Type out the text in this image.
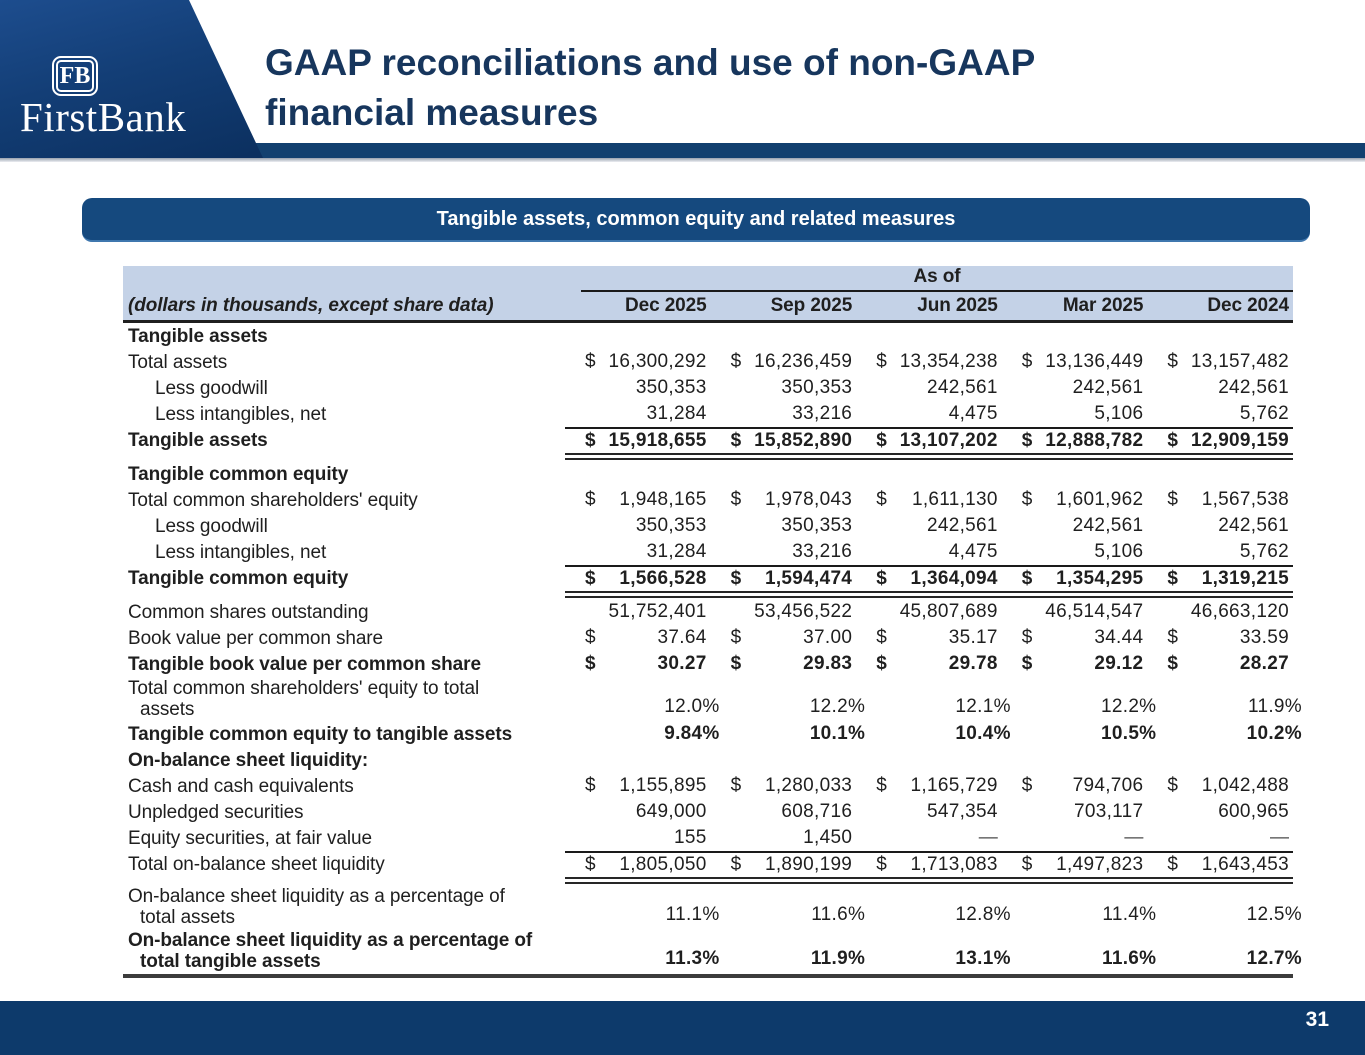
FB
FirstBank
GAAP reconciliations and use of non-GAAP
financial measures
Tangible assets, common equity and related measures
As of
(dollars in thousands, except share data)	Dec 2025	Sep 2025	Jun 2025	Mar 2025	Dec 2024
Tangible assets
Total assets	$ 16,300,292 $ 16,236,459 $ 13,354,238 $ 13,136,449 $ 13,157,482
Less goodwill	350,353	350,353	242,561	242,561	242,561
Less intangibles, net	31,284	33,216	4,475	5,106	5,762
Tangible assets	$ 15,918,655 $ 15,852,890 $ 13,107,202 $ 12,888,782 $ 12,909,159
Tangible common equity
Total common shareholders' equity	$ 1,948,165 $ 1,978,043 $ 1,611,130 $ 1,601,962 $ 1,567,538
Less goodwill	350,353	350,353	242,561	242,561	242,561
Less intangibles, net	31,284	33,216	4,475	5,106	5,762
Tangible common equity	$ 1,566,528 $ 1,594,474 $ 1,364,094 $ 1,354,295 $ 1,319,215
Common shares outstanding	51,752,401	53,456,522	45,807,689	46,514,547	46,663,120
Book value per common share	$	37.64 $	37.00 $	35.17 $	34.44 $	33.59
Tangible book value per common share	$	30.27 $	29.83 $	29.78 $	29.12 $	28.27
Total common shareholders' equity to total
assets	12.0%	12.2%	12.1%	12.2%	11.9%
Tangible common equity to tangible assets	9.84%	10.1%	10.4%	10.5%	10.2%
On-balance sheet liquidity:
Cash and cash equivalents	$ 1,155,895 $ 1,280,033 $ 1,165,729 $ 794,706 $ 1,042,488
Unpledged securities	649,000	608,716	547,354	703,117	600,965
Equity securities, at fair value	155	1,450	—	—	—
Total on-balance sheet liquidity	$ 1,805,050 $ 1,890,199 $ 1,713,083 $ 1,497,823 $ 1,643,453
On-balance sheet liquidity as a percentage of
total assets	11.1%	11.6%	12.8%	11.4%	12.5%
On-balance sheet liquidity as a percentage of
total tangible assets	11.3%	11.9%	13.1%	11.6%	12.7%
31
